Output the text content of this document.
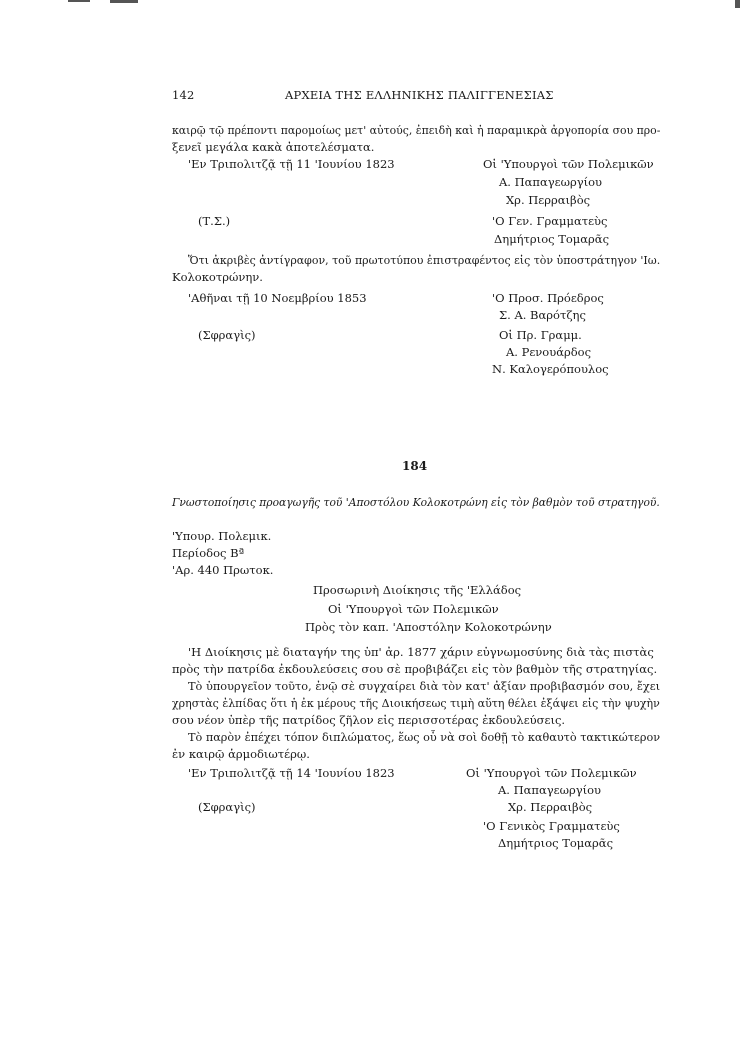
142	ΑΡΧΕΙΑ ΤΗΣ ΕΛΛΗΝΙΚΗΣ ΠΑΛΙΓΓΕΝΕΣΙΑΣ
καιρῷ τῷ πρέποντι παρομοίως μετ' αὐτούς, ἐπειδὴ καὶ ἡ παραμικρὰ ἀργοπορία σου προ-
ξενεῖ μεγάλα κακὰ ἀποτελέσματα.
'Εν Τριπολιτζᾷ τῇ 11 'Ιουνίου 1823	Οἱ 'Υπουργοὶ τῶν Πολεμικῶν
Α. Παπαγεωργίου
Χρ. Περραιβὸς
(Τ.Σ.)	'Ο Γεν. Γραμματεὺς
Δημήτριος Τομαρᾶς
Ὅτι ἀκριβὲς ἀντίγραφον, τοῦ πρωτοτύπου ἐπιστραφέντος εἰς τὸν ὑποστράτηγον 'Ιω.
Κολοκοτρώνην.
'Αθῆναι τῇ 10 Νοεμβρίου 1853	'Ο Προσ. Πρόεδρος
Σ. Α. Βαρότζης
(Σφραγὶς)	Οἱ Πρ. Γραμμ.
Α. Ρενουάρδος
Ν. Καλογερόπουλος
184
Γνωστοποίησις προαγωγῆς τοῦ 'Αποστόλου Κολοκοτρώνη εἰς τὸν βαθμὸν τοῦ στρατηγοῦ.
'Υπουρ. Πολεμικ.
Περίοδος Βª
'Αρ. 440 Πρωτοκ.
Προσωρινὴ Διοίκησις τῆς 'Ελλάδος
Οἱ 'Υπουργοὶ τῶν Πολεμικῶν
Πρὸς τὸν καπ. 'Αποστόλην Κολοκοτρώνην
'Η Διοίκησις μὲ διαταγήν της ὑπ' ἀρ. 1877 χάριν εὐγνωμοσύνης διὰ τὰς πιστὰς
πρὸς τὴν πατρίδα ἐκδουλεύσεις σου σὲ προβιβάζει εἰς τὸν βαθμὸν τῆς στρατηγίας.
Τὸ ὑπουργεῖον τοῦτο, ἐνῷ σὲ συγχαίρει διὰ τὸν κατ' ἀξίαν προβιβασμόν σου, ἔχει
χρηστὰς ἐλπίδας ὅτι ἡ ἐκ μέρους τῆς Διοικήσεως τιμὴ αὕτη θέλει ἐξάψει εἰς τὴν ψυχὴν
σου νέον ὑπὲρ τῆς πατρίδος ζῆλον εἰς περισσοτέρας ἐκδουλεύσεις.
Τὸ παρὸν ἐπέχει τόπον διπλώματος, ἕως οὗ νὰ σοὶ δοθῇ τὸ καθαυτὸ τακτικώτερον
ἐν καιρῷ ἁρμοδιωτέρῳ.
'Εν Τριπολιτζᾷ τῇ 14 'Ιουνίου 1823	Οἱ 'Υπουργοὶ τῶν Πολεμικῶν
Α. Παπαγεωργίου
Χρ. Περραιβὸς
(Σφραγὶς)
'Ο Γενικὸς Γραμματεὺς
Δημήτριος Τομαρᾶς
